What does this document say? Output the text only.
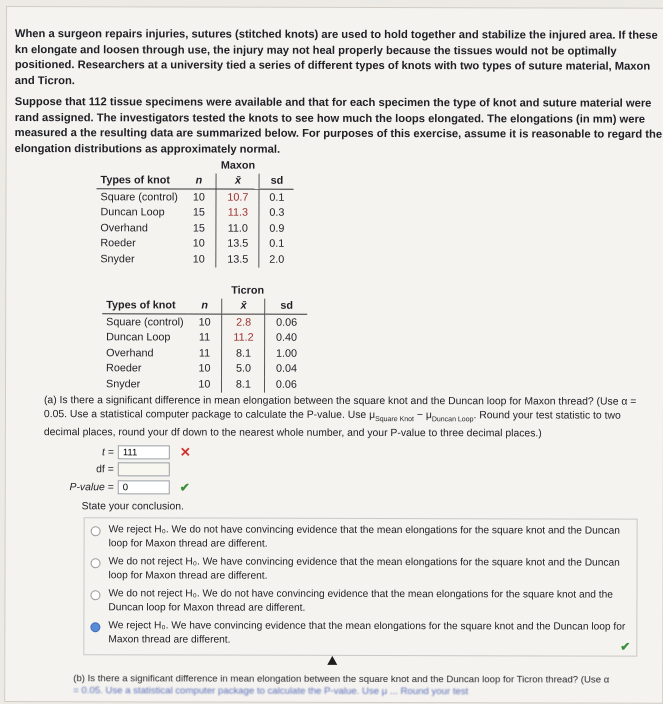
When a surgeon repairs injuries, sutures (stitched knots) are used to hold together and stabilize the injured area. If these kn elongate and loosen through use, the injury may not heal properly because the tissues would not be optimally positioned. Researchers at a university tied a series of different types of knots with two types of suture material, Maxon and Ticron.

Suppose that 112 tissue specimens were available and that for each specimen the type of knot and suture material were rand assigned. The investigators tested the knots to see how much the loops elongated. The elongations (in mm) were measured a the resulting data are summarized below. For purposes of this exercise, assume it is reasonable to regard the elongation distributions as approximately normal.

	Maxon		
Types of knot	n	x̄	sd
Square (control)	10	10.7	0.1
Duncan Loop	15	11.3	0.3
Overhand	15	11.0	0.9
Roeder	10	13.5	0.1
Snyder	10	13.5	2.0
	Ticron		
Types of knot	n	x̄	sd
Square (control)	10	2.8	0.06
Duncan Loop	11	11.2	0.40
Overhand	11	8.1	1.00
Roeder	10	5.0	0.04
Snyder	10	8.1	0.06
(a) Is there a significant difference in mean elongation between the square knot and the Duncan loop for Maxon thread? (Use α = 0.05. Use a statistical computer package to calculate the P-value. Use $\mu_{Square Knot} - \mu_{Duncan Loop}$. Round your test statistic to two decimal places, round your df down to the nearest whole number, and your P-value to three decimal places.)
t =
111	✕
df =
P-value =
0	✔
State your conclusion.
We reject H₀. We do not have convincing evidence that the mean elongations for the square knot and the Duncan loop for Maxon thread are different.
We do not reject H₀. We have convincing evidence that the mean elongations for the square knot and the Duncan loop for Maxon thread are different.
We do not reject H₀. We do not have convincing evidence that the mean elongations for the square knot and the Duncan loop for Maxon thread are different.
We reject H₀. We have convincing evidence that the mean elongations for the square knot and the Duncan loop for Maxon thread are different.	✔
(b) Is there a significant difference in mean elongation between the square knot and the Duncan loop for Ticron thread? (Use α
= 0.05. Use a statistical computer package to calculate the P-value. Use μ ... Round your test
